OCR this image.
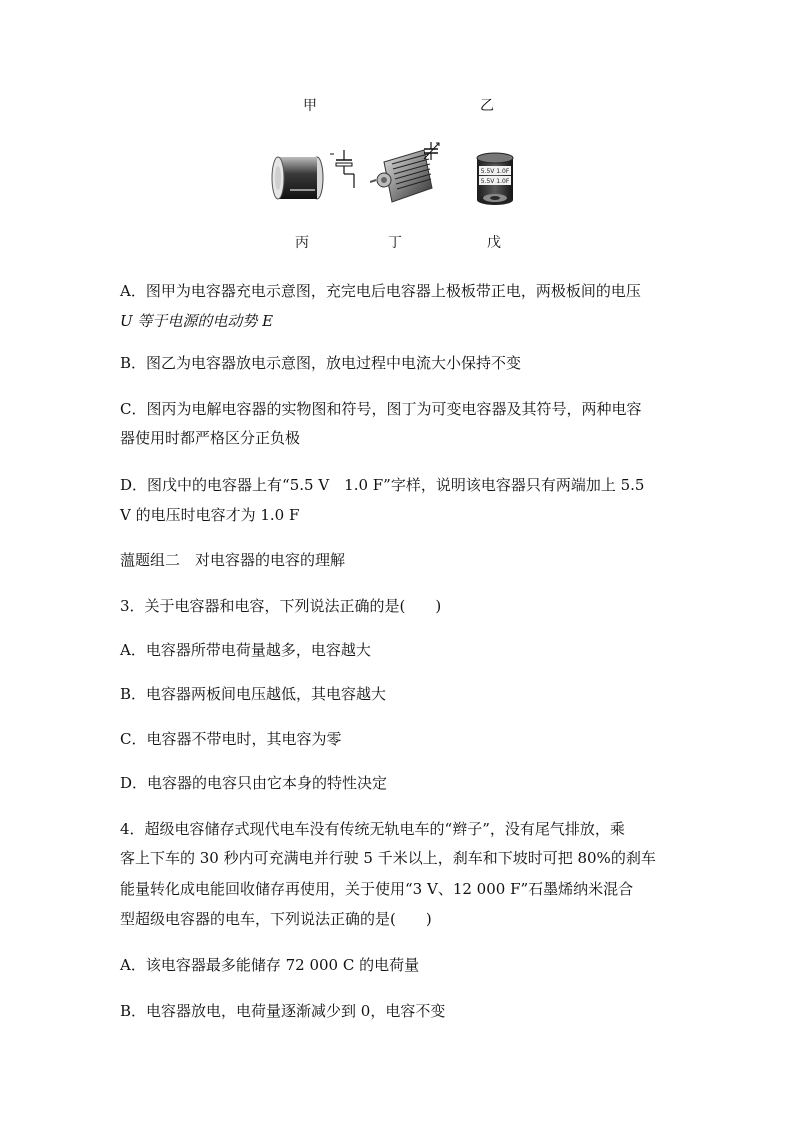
甲	乙
丙	丁	戊
5.5V 1.0F
5.5V 1.0F
A．图甲为电容器充电示意图，充完电后电容器上极板带正电，两极板间的电压
U 等于电源的电动势 E
B．图乙为电容器放电示意图，放电过程中电流大小保持不变
C．图丙为电解电容器的实物图和符号，图丁为可变电容器及其符号，两种电容
器使用时都严格区分正负极
D．图戊中的电容器上有“5.5 V　1.0 F”字样，说明该电容器只有两端加上 5.5
V 的电压时电容才为 1.0 F
薀题组二　对电容器的电容的理解
3．关于电容器和电容，下列说法正确的是(　　)
A．电容器所带电荷量越多，电容越大
B．电容器两板间电压越低，其电容越大
C．电容器不带电时，其电容为零
D．电容器的电容只由它本身的特性决定
4．超级电容储存式现代电车没有传统无轨电车的“辫子”，没有尾气排放，乘
客上下车的 30 秒内可充满电并行驶 5 千米以上，刹车和下坡时可把 80%的刹车
能量转化成电能回收储存再使用，关于使用“3 V、12 000 F”石墨烯纳米混合
型超级电容器的电车，下列说法正确的是(　　)
A．该电容器最多能储存 72 000 C 的电荷量
B．电容器放电，电荷量逐渐减少到 0，电容不变
